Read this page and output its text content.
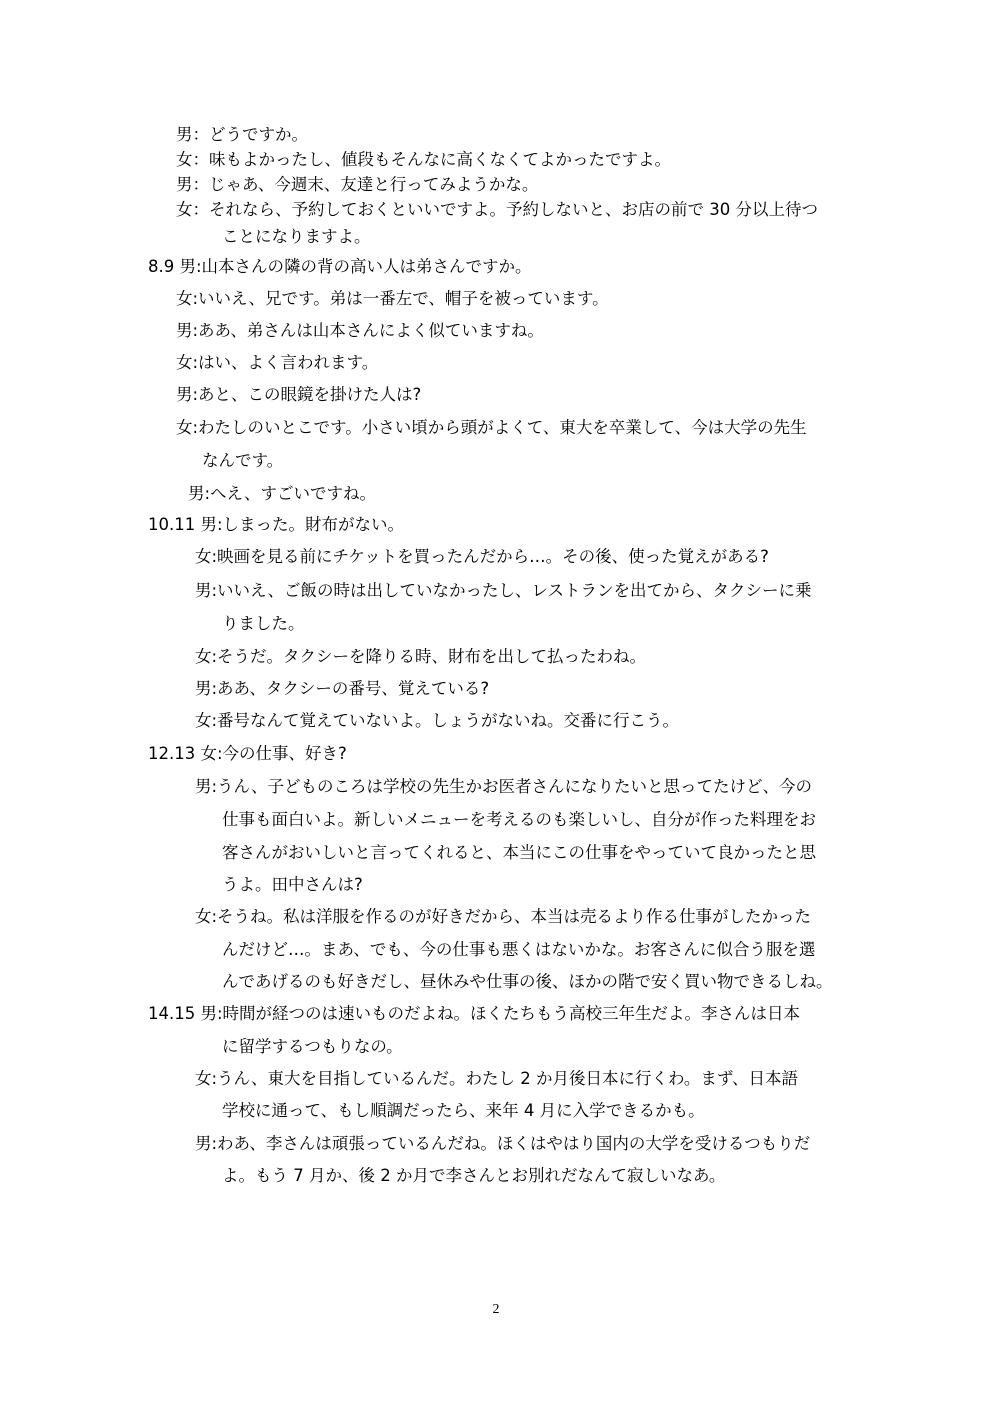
男：どうですか。
女：味もよかったし、値段もそんなに高くなくてよかったですよ。
男：じゃあ、今週末、友達と行ってみようかな。
女：それなら、予約しておくといいですよ。予約しないと、お店の前で 30 分以上待つ
ことになりますよ。
8.9 男:山本さんの隣の背の高い人は弟さんですか。
女:いいえ、兄です。弟は一番左で、帽子を被っています。
男:ああ、弟さんは山本さんによく似ていますね。
女:はい、よく言われます。
男:あと、この眼鏡を掛けた人は?
女:わたしのいとこです。小さい頃から頭がよくて、東大を卒業して、今は大学の先生
なんです。
男:へえ、すごいですね。
10.11 男:しまった。財布がない。
女:映画を見る前にチケットを買ったんだから…。その後、使った覚えがある?
男:いいえ、ご飯の時は出していなかったし、レストランを出てから、タクシーに乗
りました。
女:そうだ。タクシーを降りる時、財布を出して払ったわね。
男:ああ、タクシーの番号、覚えている?
女:番号なんて覚えていないよ。しょうがないね。交番に行こう。
12.13 女:今の仕事、好き?
男:うん、子どものころは学校の先生かお医者さんになりたいと思ってたけど、今の
仕事も面白いよ。新しいメニューを考えるのも楽しいし、自分が作った料理をお
客さんがおいしいと言ってくれると、本当にこの仕事をやっていて良かったと思
うよ。田中さんは?
女:そうね。私は洋服を作るのが好きだから、本当は売るより作る仕事がしたかった
んだけど…。まあ、でも、今の仕事も悪くはないかな。お客さんに似合う服を選
んであげるのも好きだし、昼休みや仕事の後、ほかの階で安く買い物できるしね。
14.15 男:時間が経つのは速いものだよね。ほくたちもう高校三年生だよ。李さんは日本
に留学するつもりなの。
女:うん、東大を目指しているんだ。わたし 2 か月後日本に行くわ。まず、日本語
学校に通って、もし順調だったら、来年 4 月に入学できるかも。
男:わあ、李さんは頑張っているんだね。ほくはやはり国内の大学を受けるつもりだ
よ。もう 7 月か、後 2 か月で李さんとお別れだなんて寂しいなあ。
2
